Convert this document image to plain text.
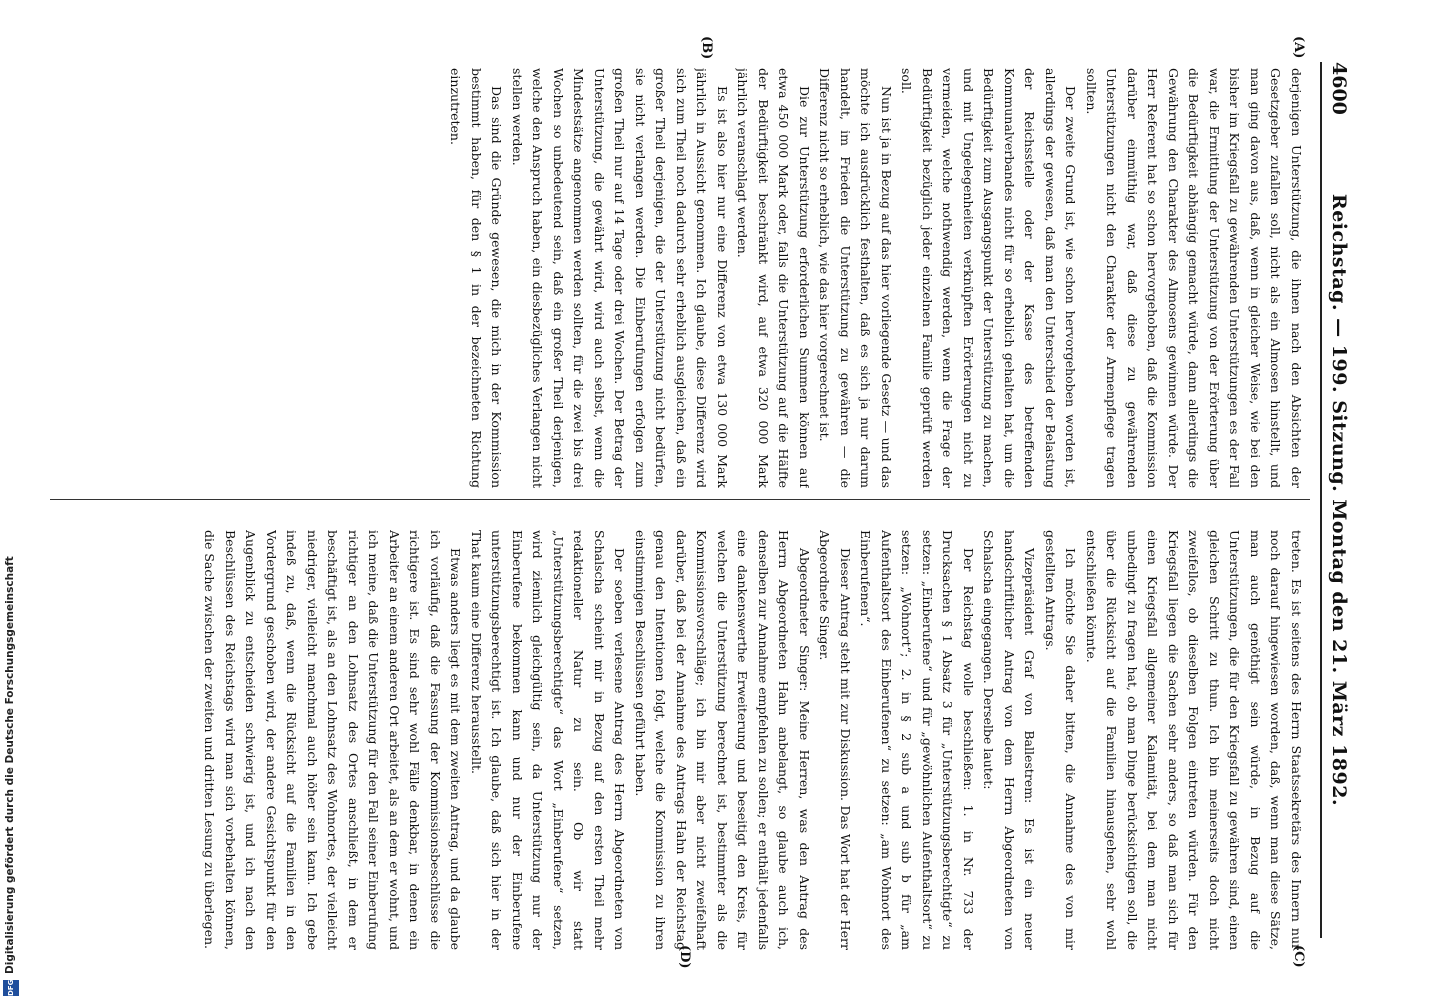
4600
Reichstag. — 199. Sitzung. Montag den 21. März 1892.
(A)
(B)
(C)
(D)

derjenigen Unterstützung, die ihnen nach den Absichten der Gesetzgeber zufallen soll, nicht als ein Almosen hinstellt, und man ging davon aus, daß, wenn in gleicher Weise, wie bei den bisher im Kriegsfall zu gewährenden Unterstützungen es der Fall war, die Ermittlung der Unterstützung von der Erörterung über die Bedürftigkeit abhängig gemacht würde, dann allerdings die Gewährung den Charakter des Almosens gewinnen würde. Der Herr Referent hat so schon hervorgehoben, daß die Kommission darüber einmüthig war, daß diese zu gewährenden Unterstützungen nicht den Charakter der Armenpflege tragen sollten.

Der zweite Grund ist, wie schon hervorgehoben worden ist, allerdings der gewesen, daß man den Unterschied der Belastung der Reichsstelle oder der Kasse des betreffenden Kommunalverbandes nicht für so erheblich gehalten hat, um die Bedürftigkeit zum Ausgangspunkt der Unterstützung zu machen, und mit Ungelegenheiten verknüpften Erörterungen nicht zu vermeiden, welche nothwendig werden, wenn die Frage der Bedürftigkeit bezüglich jeder einzelnen Familie geprüft werden soll.

Nun ist ja in Bezug auf das hier vorliegende Gesetz — und das möchte ich ausdrücklich festhalten, daß es sich ja nur darum handelt, im Frieden die Unterstützung zu gewähren — die Differenz nicht so erheblich, wie das hier vorgerechnet ist.

Die zur Unterstützung erforderlichen Summen können auf etwa 450 000 Mark oder, falls die Unterstützung auf die Hälfte der Bedürftigkeit beschränkt wird, auf etwa 320 000 Mark jährlich veranschlagt werden.

Es ist also hier nur eine Differenz von etwa 130 000 Mark jährlich in Aussicht genommen. Ich glaube, diese Differenz wird sich zum Theil noch dadurch sehr erheblich ausgleichen, daß ein großer Theil derjenigen, die der Unterstützung nicht bedürfen, sie nicht verlangen werden. Die Einberufungen erfolgen zum großen Theil nur auf 14 Tage oder drei Wochen. Der Betrag der Unterstützung, die gewährt wird, wird auch selbst, wenn die Mindestsätze angenommen werden sollten, für die zwei bis drei Wochen so unbedeutend sein, daß ein großer Theil derjenigen, welche den Anspruch haben, ein diesbezügliches Verlangen nicht stellen werden.

Das sind die Gründe gewesen, die mich in der Kommission bestimmt haben, für den § 1 in der bezeichneten Richtung einzutreten.

treten. Es ist seitens des Herrn Staatssekretärs des Innern nur noch darauf hingewiesen worden, daß, wenn man diese Sätze, man auch genöthigt sein würde, in Bezug auf die Unterstützungen, die für den Kriegsfall zu gewähren sind, einen gleichen Schritt zu thun. Ich bin meinerseits doch nicht zweifellos, ob dieselben Folgen eintreten würden. Für den Kriegsfall liegen die Sachen sehr anders, so daß man sich für einen Kriegsfall allgemeiner Kalamität, bei dem man nicht unbedingt zu fragen hat, ob man Dinge berücksichtigen soll, die über die Rücksicht auf die Familien hinausgehen, sehr wohl entschließen könnte.

Ich möchte Sie daher bitten, die Annahme des von mir gestellten Antrags.

Vizepräsident Graf von Ballestrem: Es ist ein neuer handschriftlicher Antrag von dem Herrn Abgeordneten von Schalscha eingegangen. Derselbe lautet:

Der Reichstag wolle beschließen: 1. in Nr. 733 der Drucksachen § 1 Absatz 3 für „Unterstützungsberechtigte“ zu setzen: „Einberufene“ und für „gewöhnlichen Aufenthaltsort“ zu setzen: „Wohnort“; 2. in § 2 sub a und sub b für „am Aufenthaltsort des Einberufenen“ zu setzen: „am Wohnort des Einberufenen“.

Dieser Antrag steht mit zur Diskussion. Das Wort hat der Herr Abgeordnete Singer.

Abgeordneter Singer: Meine Herren, was den Antrag des Herrn Abgeordneten Hahn anbelangt, so glaube auch ich, denselben zur Annahme empfehlen zu sollen; er enthält jedenfalls eine dankenswerthe Erweiterung und beseitigt den Kreis, für welchen die Unterstützung berechnet ist, bestimmter als die Kommissionsvorschläge; ich bin mir aber nicht zweifelhaft darüber, daß bei der Annahme des Antrags Hahn der Reichstag genau den Intentionen folgt, welche die Kommission zu ihren einstimmigen Beschlüssen geführt haben.

Der soeben verlesene Antrag des Herrn Abgeordneten von Schalscha scheint mir in Bezug auf den ersten Theil mehr redaktioneller Natur zu sein. Ob wir statt „Unterstützungsberechtigte“ das Wort „Einberufene“ setzen, wird ziemlich gleichgültig sein, da Unterstützung nur der Einberufene bekommen kann und nur der Einberufene unterstützungsberechtigt ist. Ich glaube, daß sich hier in der That kaum eine Differenz herausstellt.

Etwas anders liegt es mit dem zweiten Antrag, und da glaube ich vorläufig, daß die Fassung der Kommissionsbeschlüsse die richtigere ist. Es sind sehr wohl Fälle denkbar, in denen ein Arbeiter an einem anderen Ort arbeitet, als an dem er wohnt, und ich meine, daß die Unterstützung für den Fall seiner Einberufung richtiger an den Lohnsatz des Ortes anschließt, in dem er beschäftigt ist, als an den Lohnsatz des Wohnortes, der vielleicht niedriger, vielleicht manchmal auch höher sein kann. Ich gebe indeß zu, daß, wenn die Rücksicht auf die Familien in den Vordergrund geschoben wird, der andere Gesichtspunkt für den Augenblick zu entscheiden schwierig ist, und ich nach den Beschlüssen des Reichstags wird man sich vorbehalten können, die Sache zwischen der zweiten und dritten Lesung zu überlegen.

DFG
Digitalisierung gefördert durch die Deutsche Forschungsgemeinschaft
